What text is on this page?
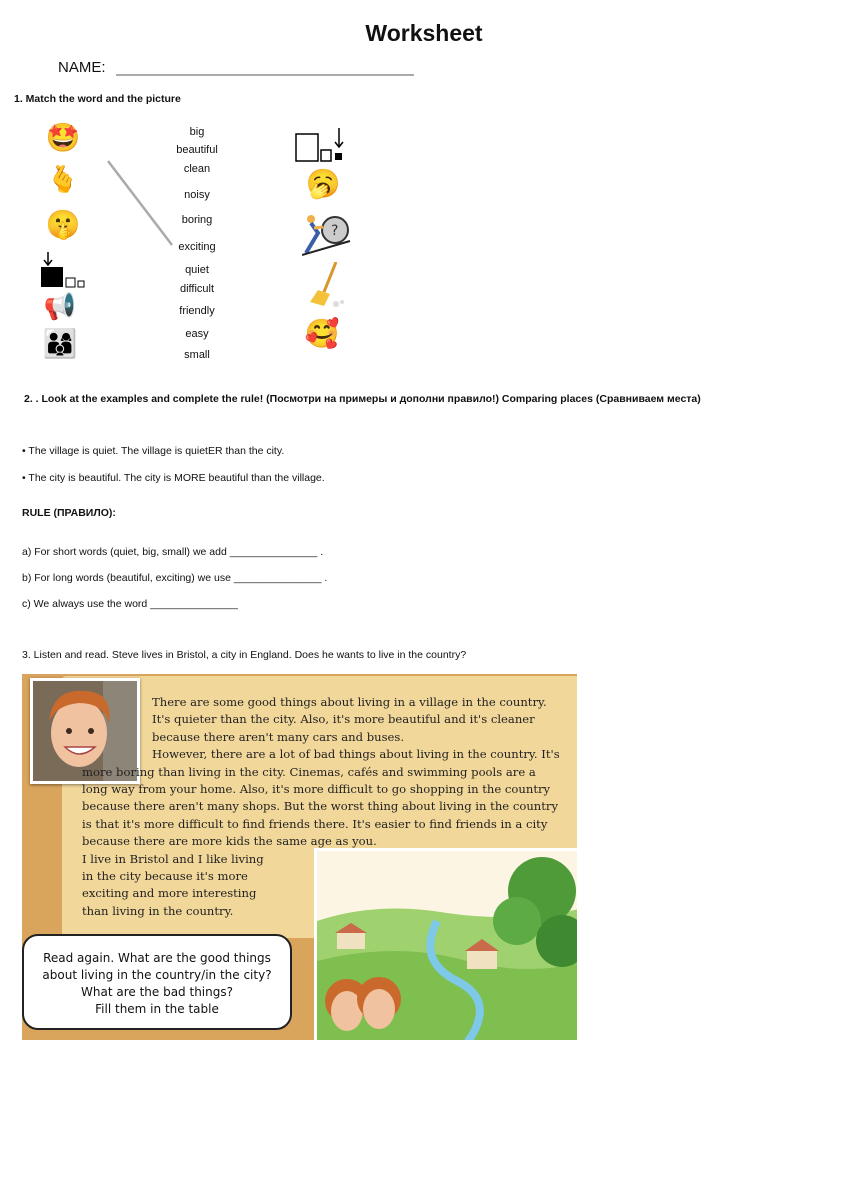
Worksheet
NAME:
1. Match the word and the picture
🤩
🫰
🤫
📢
👨‍👩‍👦
big
beautiful
clean
noisy
boring
exciting
quiet
difficult
friendly
easy
small
🥱
?
🥰
2. . Look at the examples and complete the rule! (Посмотри на примеры и дополни правило!) Comparing places (Сравниваем места)
• The village is quiet. The village is quietER than the city.
• The city is beautiful. The city is MORE beautiful than the village.
RULE (ПРАВИЛО):
a) For short words (quiet, big, small) we add _______________ .
b) For long words (beautiful, exciting) we use _______________ .
c) We always use the word _______________
3. Listen and read. Steve lives in Bristol, a city in England. Does he wants to live in the country?

There are some good things about living in a village in the country. It's quieter than the city. Also, it's more beautiful and it's cleaner because there aren't many cars and buses.

However, there are a lot of bad things about living in the country. It's more boring than living in the city. Cinemas, cafés and swimming pools are a long way from your home. Also, it's more difficult to go shopping in the country because there aren't many shops. But the worst thing about living in the country is that it's more difficult to find friends there. It's easier to find friends in a city because there are more kids the same age as you.

I live in Bristol and I like living in the city because it's more exciting and more interesting than living in the country.

Read again. What are the good things
about living in the country/in the city?
What are the bad things?
Fill them in the table
